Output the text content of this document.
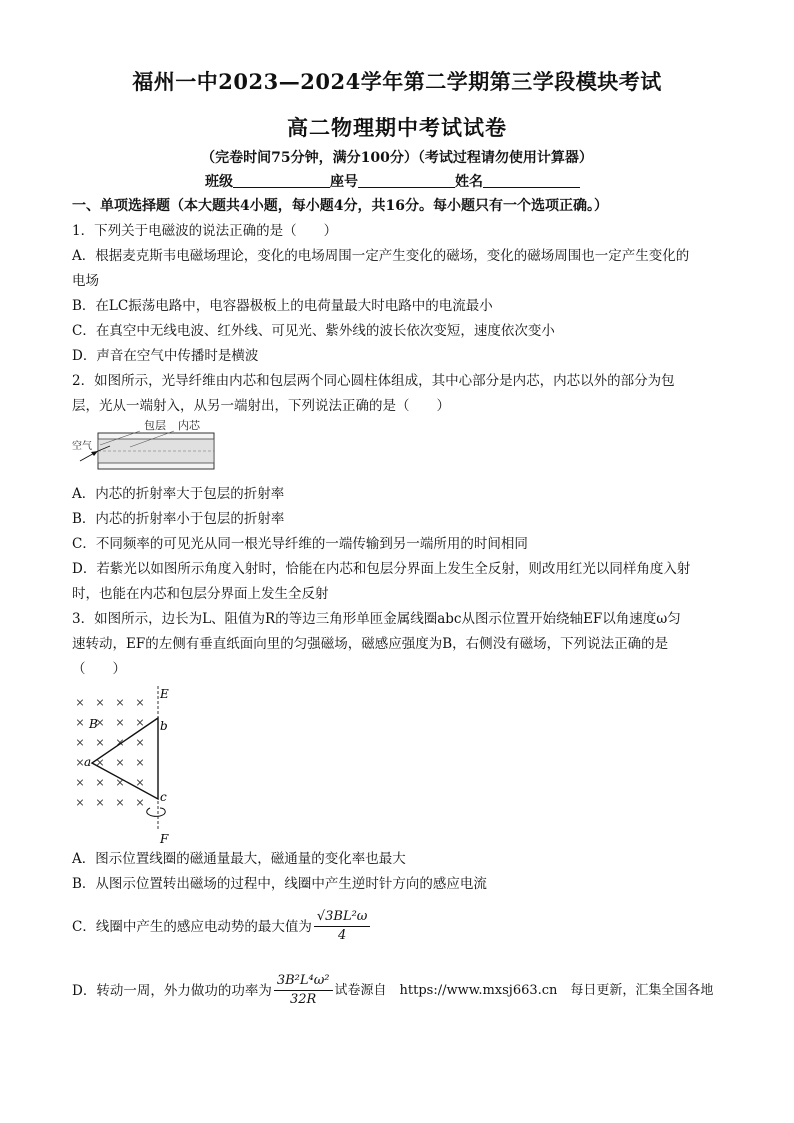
福州一中2023—2024学年第二学期第三学段模块考试
高二物理期中考试试卷
（完卷时间75分钟，满分100分）（考试过程请勿使用计算器）
班级	座号	姓名
一、单项选择题（本大题共4小题，每小题4分，共16分。每小题只有一个选项正确。）
1．下列关于电磁波的说法正确的是（　　）
A．根据麦克斯韦电磁场理论，变化的电场周围一定产生变化的磁场，变化的磁场周围也一定产生变化的
电场
B．在LC振荡电路中，电容器极板上的电荷量最大时电路中的电流最小
C．在真空中无线电波、红外线、可见光、紫外线的波长依次变短，速度依次变小
D．声音在空气中传播时是横波
2．如图所示，光导纤维由内芯和包层两个同心圆柱体组成，其中心部分是内芯，内芯以外的部分为包
层，光从一端射入，从另一端射出，下列说法正确的是（　　）
包层 内芯
空气
A．内芯的折射率大于包层的折射率
B．内芯的折射率小于包层的折射率
C．不同频率的可见光从同一根光导纤维的一端传输到另一端所用的时间相同
D．若紫光以如图所示角度入射时，恰能在内芯和包层分界面上发生全反射，则改用红光以同样角度入射
时，也能在内芯和包层分界面上发生全反射
3．如图所示，边长为L、阻值为R的等边三角形单匝金属线圈abc从图示位置开始绕轴EF以角速度ω匀
速转动，EF的左侧有垂直纸面向里的匀强磁场，磁感应强度为B，右侧没有磁场，下列说法正确的是
（　　）
× × × ×
× × × ×
× × × ×
× × × ×
× × × ×
× × × ×
E
F
b
c
a
B
A．图示位置线圈的磁通量最大，磁通量的变化率也最大
B．从图示位置转出磁场的过程中，线圈中产生逆时针方向的感应电流
C．线圈中产生的感应电动势的最大值为 $\frac{\text{√3BL²ω}}{4}$
D．转动一周，外力做功的功率为 $\frac{\text{3B²L⁴ω²}}{32R}$ 试卷源自　https://www.mxsj663.cn　每日更新，汇集全国各地
